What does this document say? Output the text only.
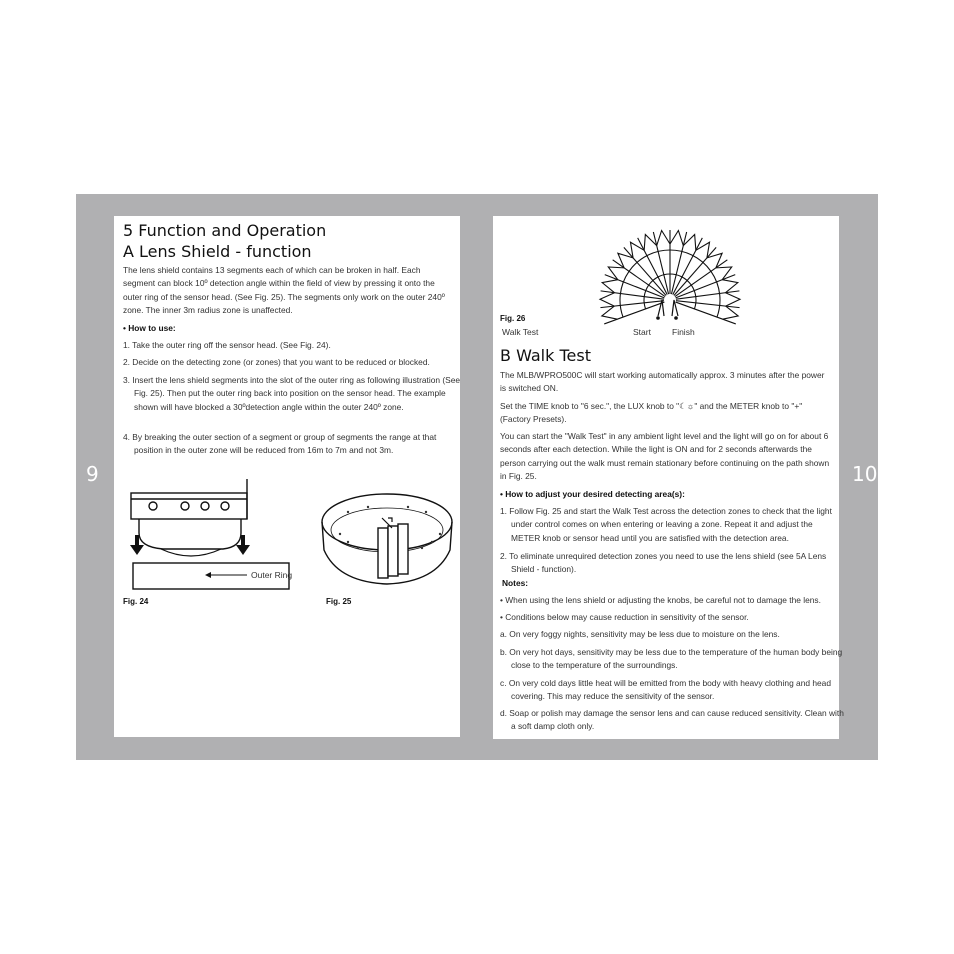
9	10
5 Function and Operation
A Lens Shield - function
The lens shield contains 13 segments each of which can be broken in half. Each segment can block 10º detection angle within the field of view by pressing it onto the outer ring of the sensor head. (See Fig. 25). The segments only work on the outer 240º zone. The inner 3m radius zone is unaffected.
• How to use:
1. Take the outer ring off the sensor head. (See Fig. 24).
2. Decide on the detecting zone (or zones) that you want to be reduced or blocked.
3. Insert the lens shield segments into the slot of the outer ring as following illustration (See Fig. 25). Then put the outer ring back into position on the sensor head. The example shown will have blocked a 30ºdetection angle within the outer 240º zone.
4. By breaking the outer section of a segment or group of segments the range at that position in the outer zone will be reduced from 16m to 7m and not 3m.
Outer Ring
Fig. 24	Fig. 25
Fig. 26
Walk Test	Start Finish
B Walk Test
The MLB/WPRO500C will start working automatically approx. 3 minutes after the power is switched ON.
Set the TIME knob to "6 sec.", the LUX knob to "☾☼" and the METER knob to "+" (Factory Presets).
You can start the "Walk Test" in any ambient light level and the light will go on for about 6 seconds after each detection. While the light is ON and for 2 seconds afterwards the person carrying out the walk must remain stationary before continuing on the path shown in Fig. 25.
• How to adjust your desired detecting area(s):
1. Follow Fig. 25 and start the Walk Test across the detection zones to check that the light under control comes on when entering or leaving a zone. Repeat it and adjust the METER knob or sensor head until you are satisfied with the detection area.
2. To eliminate unrequired detection zones you need to use the lens shield (see 5A Lens Shield - function).
Notes:
• When using the lens shield or adjusting the knobs, be careful not to damage the lens.
• Conditions below may cause reduction in sensitivity of the sensor.
a. On very foggy nights, sensitivity may be less due to moisture on the lens.
b. On very hot days, sensitivity may be less due to the temperature of the human body being close to the temperature of the surroundings.
c. On very cold days little heat will be emitted from the body with heavy clothing and head covering. This may reduce the sensitivity of the sensor.
d. Soap or polish may damage the sensor lens and can cause reduced sensitivity. Clean with a soft damp cloth only.
